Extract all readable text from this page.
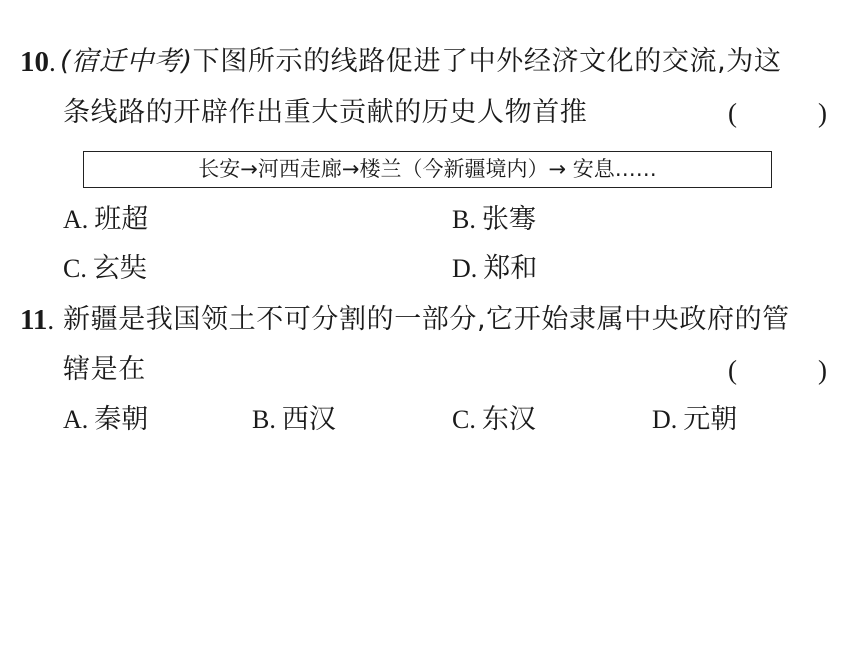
10. (宿迁中考)下图所示的线路促进了中外经济文化的交流,为这
条线路的开辟作出重大贡献的历史人物首推	(	)
长安→河西走廊→楼兰（今新疆境内）→ 安息……
A. 班超	B. 张骞
C. 玄奘	D. 郑和
11. 新疆是我国领土不可分割的一部分,它开始隶属中央政府的管
辖是在	(	)
A. 秦朝	B. 西汉	C. 东汉	D. 元朝
